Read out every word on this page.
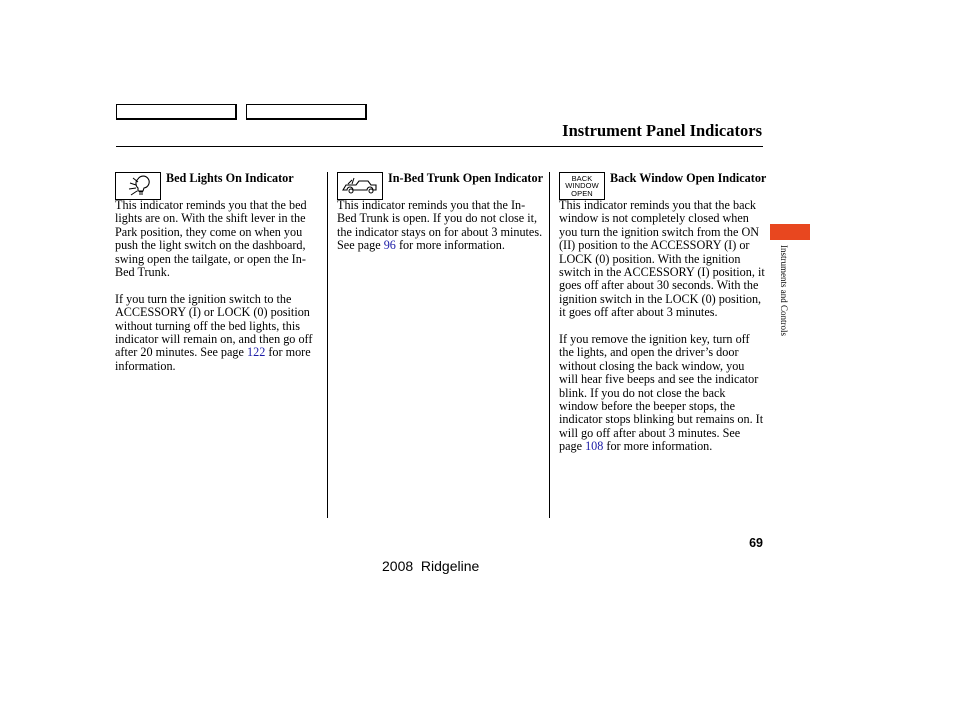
Instrument Panel Indicators
Bed Lights On Indicator

This indicator reminds you that the bed lights are on. With the shift lever in the Park position, they come on when you push the light switch on the dashboard, swing open the tailgate, or open the In-Bed Trunk.

If you turn the ignition switch to the ACCESSORY (I) or LOCK (0) position without turning off the bed lights, this indicator will remain on, and then go off after 20 minutes. See page 122 for more information.

In-Bed Trunk Open Indicator

This indicator reminds you that the In-Bed Trunk is open. If you do not close it, the indicator stays on for about 3 minutes. See page 96 for more information.

BACK
WINDOW
OPEN
Back Window Open Indicator

This indicator reminds you that the back window is not completely closed when you turn the ignition switch from the ON (II) position to the ACCESSORY (I) or LOCK (0) position. With the ignition switch in the ACCESSORY (I) position, it goes off after about 30 seconds. With the ignition switch in the LOCK (0) position, it goes off after about 3 minutes.

If you remove the ignition key, turn off the lights, and open the driver’s door without closing the back window, you will hear five beeps and see the indicator blink. If you do not close the back window before the beeper stops, the indicator stops blinking but remains on. It will go off after about 3 minutes. See page 108 for more information.

Instruments and Controls
69
2008  Ridgeline
